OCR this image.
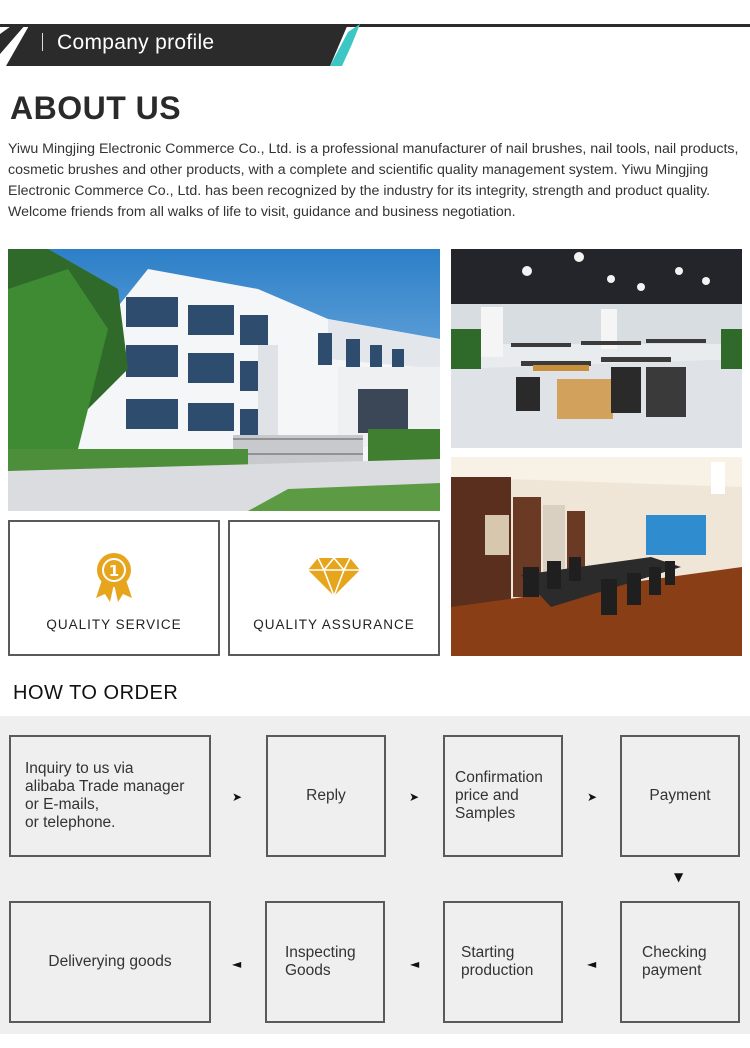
Company profile
ABOUT US
Yiwu Mingjing Electronic Commerce Co., Ltd. is a professional manufacturer of nail brushes, nail tools, nail products, cosmetic brushes and other products, with a complete and scientific quality management system. Yiwu Mingjing Electronic Commerce Co., Ltd. has been recognized by the industry for its integrity, strength and product quality. Welcome friends from all walks of life to visit, guidance and business negotiation.
1
QUALITY SERVICE	QUALITY ASSURANCE
HOW TO ORDER
Inquiry to us via
alibaba Trade manager
or E-mails,
or telephone.
➤	Reply	➤
Confirmation
price and
Samples
➤	Payment
▼
Deliverying goods	◄
Inspecting
Goods	◄
Starting
production	◄
Checking
payment
